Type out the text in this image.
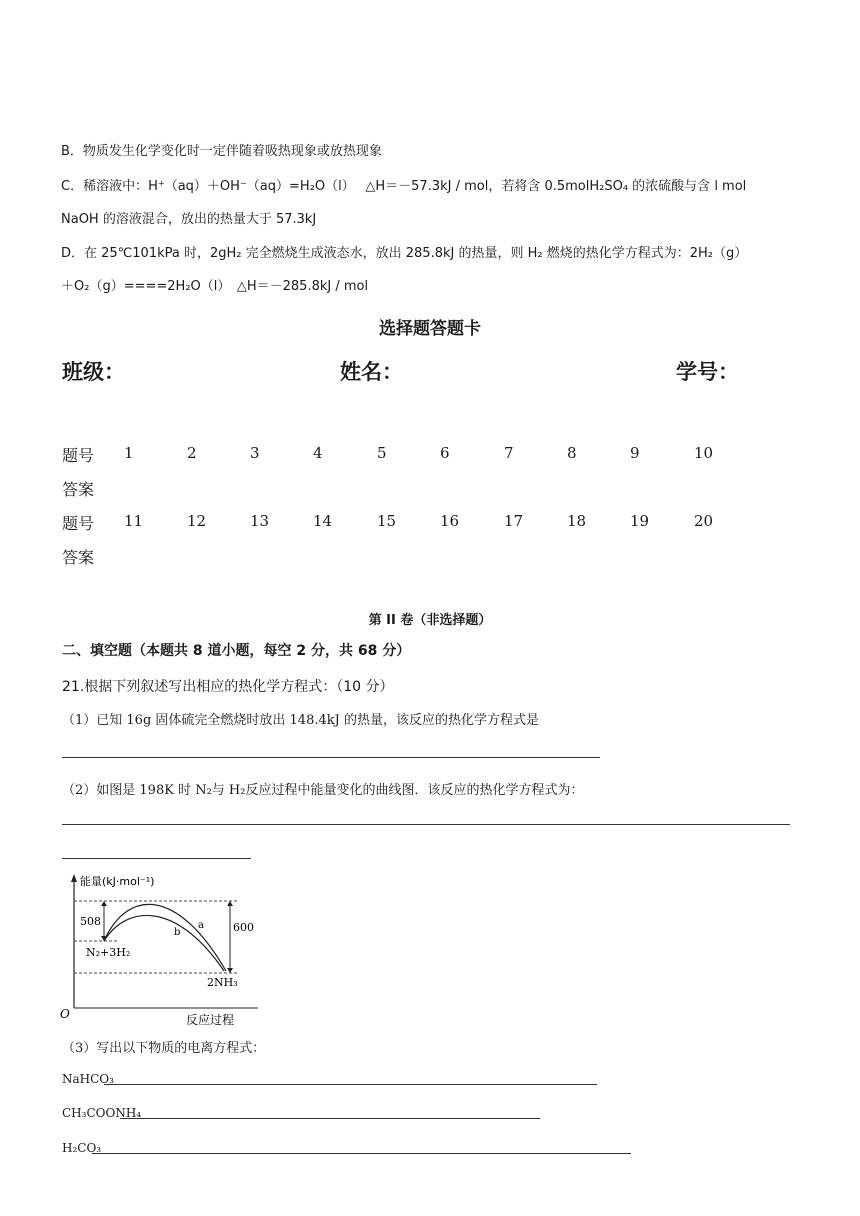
B．物质发生化学变化时一定伴随着吸热现象或放热现象
C．稀溶液中：H⁺（aq）＋OH⁻（aq）=H₂O（l）　 △H＝－57.3kJ / mol，若将含 0.5molH₂SO₄ 的浓硫酸与含 l mol
NaOH 的溶液混合，放出的热量大于 57.3kJ
D．在 25℃101kPa 时，2gH₂ 完全燃烧生成液态水，放出 285.8kJ 的热量，则 H₂ 燃烧的热化学方程式为：2H₂（g）
＋O₂（g）====2H₂O（l）　△H＝－285.8kJ / mol
选择题答题卡
班级：	姓名：	学号：
题号 1	2	3	4	5	6	7	8	9	10
答案
题号 11	12	13	14	15	16	17	18	19	20
答案
第 II 卷（非选择题）
二、填空题（本题共 8 道小题，每空 2 分，共 68 分）
21.根据下列叙述写出相应的热化学方程式：（10 分）
（1）已知 16g 固体硫完全燃烧时放出 148.4kJ 的热量，该反应的热化学方程式是
（2）如图是 198K 时 N₂与 H₂反应过程中能量变化的曲线图．该反应的热化学方程式为：
能量(kJ·mol⁻¹)
508	600
a
b
N₂+3H₂
2NH₃
O	反应过程
（3）写出以下物质的电离方程式：
NaHCO₃
CH₃COONH₄
H₂CO₃
